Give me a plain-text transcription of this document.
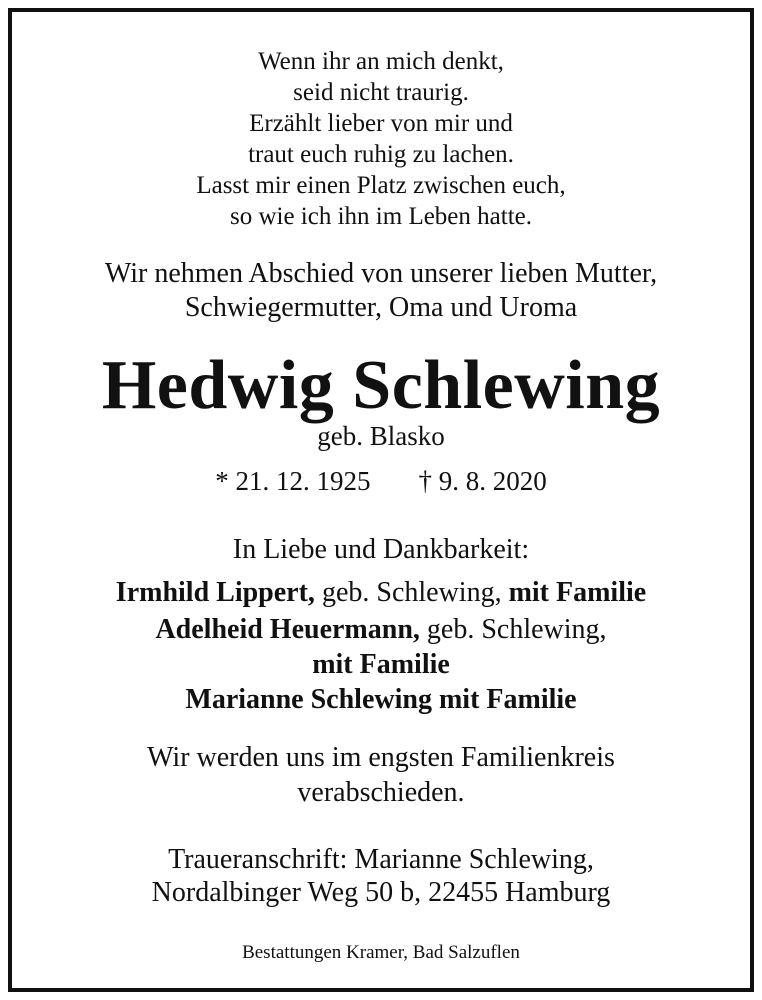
Wenn ihr an mich denkt,
seid nicht traurig.
Erzählt lieber von mir und
traut euch ruhig zu lachen.
Lasst mir einen Platz zwischen euch,
so wie ich ihn im Leben hatte.
Wir nehmen Abschied von unserer lieben Mutter,
Schwiegermutter, Oma und Uroma
Hedwig Schlewing
geb. Blasko
* 21. 12. 1925 † 9. 8. 2020
In Liebe und Dankbarkeit:
Irmhild Lippert, geb. Schlewing, mit Familie
Adelheid Heuermann, geb. Schlewing,
mit Familie
Marianne Schlewing mit Familie
Wir werden uns im engsten Familienkreis
verabschieden.
Traueranschrift: Marianne Schlewing,
Nordalbinger Weg 50 b, 22455 Hamburg
Bestattungen Kramer, Bad Salzuflen
